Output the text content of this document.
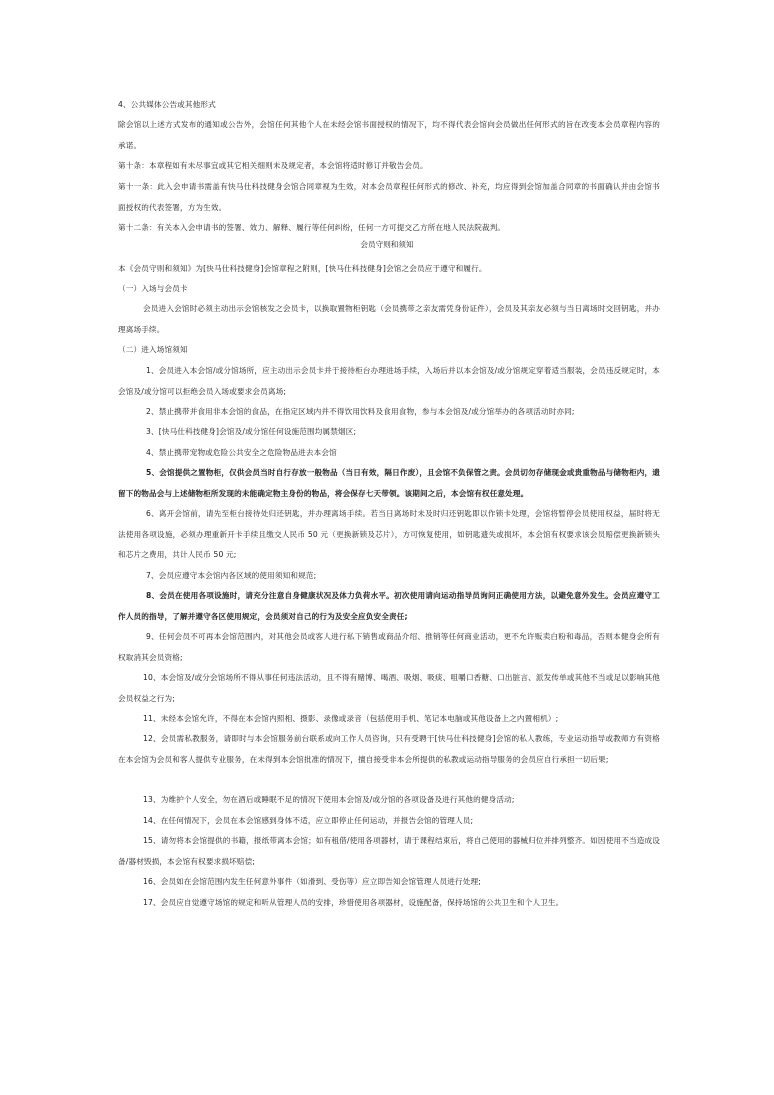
4、公共媒体公告或其他形式

除会馆以上述方式发布的通知或公告外，会馆任何其他个人在未经会馆书面授权的情况下，均不得代表会馆向会员做出任何形式的旨在改变本会员章程内容的承诺。

第十条：本章程如有未尽事宜或其它相关细则未及规定者，本会馆将适时修订并敬告会员。

第十一条：此入会申请书需盖有快马仕科技健身会馆合同章视为生效，对本会员章程任何形式的修改、补充，均应得到会馆加盖合同章的书面确认并由会馆书面授权的代表签署，方为生效。

第十二条：有关本入会申请书的签署、效力、解释、履行等任何纠纷，任何一方可提交乙方所在地人民法院裁判。

会员守则和须知

本《会员守则和须知》为[快马仕科技健身]会馆章程之附则，[快马仕科技健身]会馆之会员应于遵守和履行。

（一）入场与会员卡

会员进入会馆时必须主动出示会馆核发之会员卡，以换取置物柜钥匙（会员携带之亲友需凭身份证件），会员及其亲友必须与当日离场时交回钥匙，并办理离场手续。

（二）进入场馆须知

1、会员进入本会馆/或分馆场所，应主动出示会员卡并于接待柜台办理进场手续，入场后并以本会馆及/或分馆规定穿着适当服装，会员违反规定时，本会馆及/或分馆可以拒绝会员入场或要求会员离场;

2、禁止携带并食用非本会馆的食品，在指定区域内并不得饮用饮料及食用食物，参与本会馆及/或分馆举办的各项活动时亦同;

3、[快马仕科技健身]会馆及/或分馆任何设施范围均属禁烟区;

4、禁止携带宠物或危险公共安全之危险物品进去本会馆

5、会馆提供之置物柜，仅供会员当时自行存放一般物品（当日有效，隔日作废），且会馆不负保管之责。会员切勿存储现金或贵重物品与储物柜内，遗留下的物品会与上述储物柜所发现的未能确定物主身份的物品，将会保存七天带领。该期间之后，本会馆有权任意处理。

6、离开会馆前，请先至柜台接待处归还钥匙，并办理离场手续。若当日离场时未及时归还钥匙即以作锁卡处理，会馆将暂停会员使用权益，届时将无法使用各项设施，必须办理重新开卡手续且缴交人民币 50 元（更换新锁及芯片），方可恢复使用，如钥匙遗失或损坏，本会馆有权要求该会员赔偿更换新锁头和芯片之费用，共计人民币 50 元;

7、会员应遵守本会馆内各区域的使用须知和规范;

8、会员在使用各项设施时，请充分注意自身健康状况及体力负荷水平。初次使用请向运动指导员询问正确使用方法，以避免意外发生。会员应遵守工作人员的指导，了解并遵守各区使用规定，会员须对自己的行为及安全应负安全责任;

9、任何会员不可再本会馆范围内，对其他会员或客人进行私下销售或商品介绍、推销等任何商业活动，更不允许贩卖白粉和毒品，否则本健身会所有权取消其会员资格;

10、本会馆及/或分会馆场所不得从事任何违法活动，且不得有赌博、喝酒、吸烟、吸痰、咀嚼口香糖、口出脏言、派发传单或其他不当或足以影响其他会员权益之行为;

11、未经本会馆允许，不得在本会馆内照相、摄影、录像或录音（包括使用手机、笔记本电脑或其他设备上之内置相机）;

12、会员需私教服务，请即时与本会馆服务前台联系或向工作人员咨询，只有受聘于[快马仕科技健身]会馆的私人教练，专业运动指导或教师方有资格在本会馆为会员和客人提供专业服务，在未得到本会馆批准的情况下，擅自接受非本会所提供的私教或运动指导服务的会员应自行承担一切后果;

13、为维护个人安全，勿在酒后或睡眠不足的情况下使用本会馆及/或分馆的各项设备及进行其他的健身活动;

14、在任何情况下，会员在本会馆感到身体不适，应立即停止任何运动，并报告会馆的管理人员;

15、请勿将本会馆提供的书籍，报纸带离本会馆；如有租借/使用各项器材，请于课程结束后，将自己使用的器械归位并排列整齐。如因使用不当造成设备/器材毁损，本会馆有权要求损坏赔偿;

16、会员如在会馆范围内发生任何意外事件（如滑到、受伤等）应立即告知会馆管理人员进行处理;

17、会员应自觉遵守场馆的规定和听从管理人员的安排，珍惜使用各项器材，设施配备，保持场馆的公共卫生和个人卫生。
